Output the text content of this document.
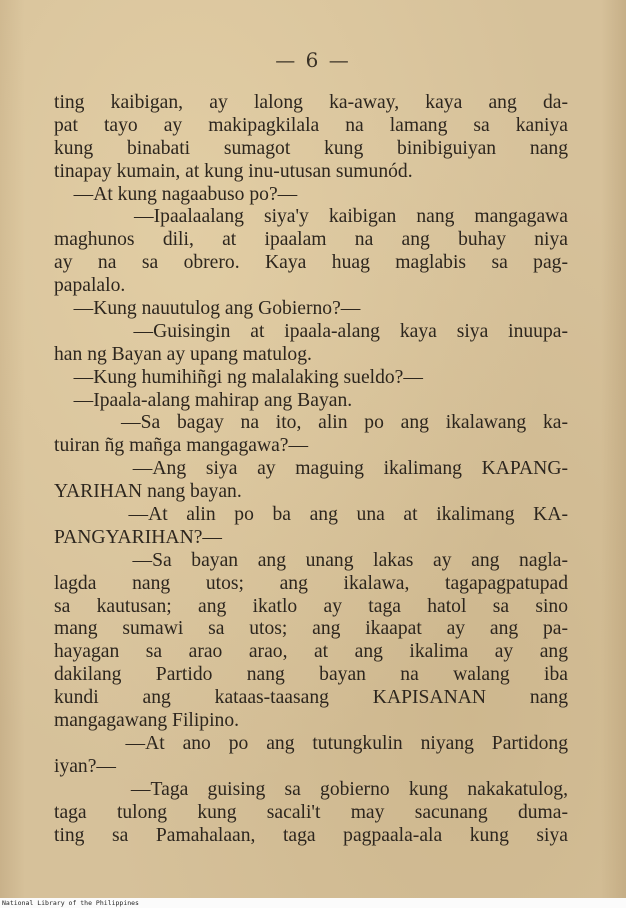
— 6 —
ting kaibigan, ay lalong ka-away, kaya ang da-
pat tayo ay makipagkilala na lamang sa kaniya
kung binabati sumagot kung binibiguiyan nang
tinapay kumain, at kung inu-utusan sumunód.
—At kung nagaabuso po?—
—Ipaalaalang siya'y kaibigan nang mangagawa
maghunos dili, at ipaalam na ang buhay niya
ay na sa obrero. Kaya huag maglabis sa pag-
papalalo.
—Kung nauutulog ang Gobierno?—
—Guisingin at ipaala-alang kaya siya inuupa-
han ng Bayan ay upang matulog.
—Kung humihiñgi ng malalaking sueldo?—
—Ipaala-alang mahirap ang Bayan.
—Sa bagay na ito, alin po ang ikalawang ka-
tuiran ñg mañga mangagawa?—
—Ang siya ay maguing ikalimang KAPANG-
YARIHAN nang bayan.
—At alin po ba ang una at ikalimang KA-
PANGYARIHAN?—
—Sa bayan ang unang lakas ay ang nagla-
lagda nang utos; ang ikalawa, tagapagpatupad
sa kautusan; ang ikatlo ay taga hatol sa sino
mang sumawi sa utos; ang ikaapat ay ang pa-
hayagan sa arao arao, at ang ikalima ay ang
dakilang Partido nang bayan na walang iba
kundi ang kataas-taasang KAPISANAN nang
mangagawang Filipino.
—At ano po ang tutungkulin niyang Partidong
iyan?—
—Taga guising sa gobierno kung nakakatulog,
taga tulong kung sacali't may sacunang duma-
ting sa Pamahalaan, taga pagpaala-ala kung siya
National Library of the Philippines
